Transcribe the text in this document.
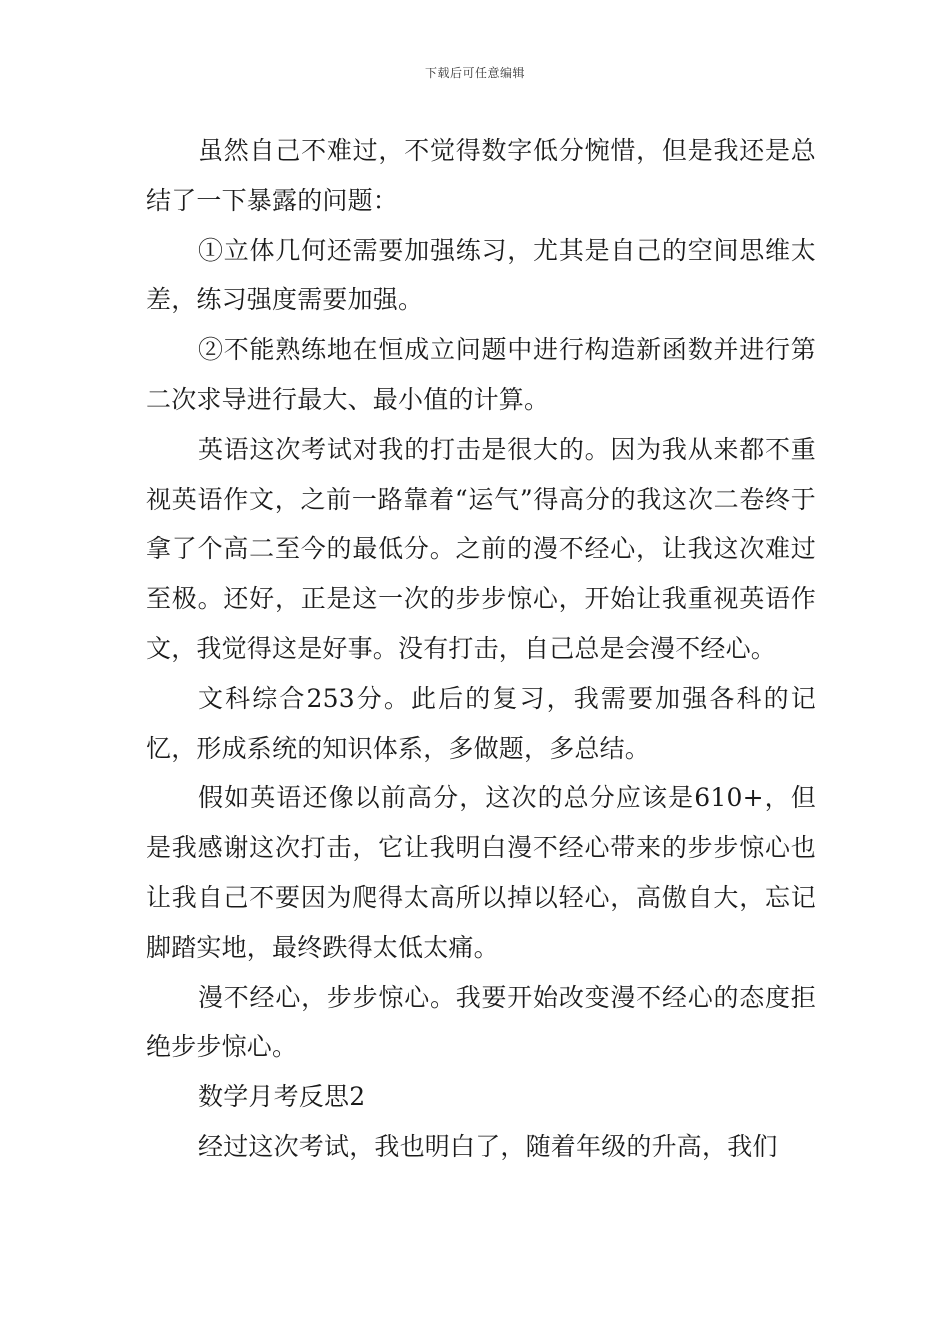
下载后可任意编辑

虽然自己不难过，不觉得数字低分惋惜，但是我还是总结了一下暴露的问题：

①立体几何还需要加强练习，尤其是自己的空间思维太差，练习强度需要加强。

②不能熟练地在恒成立问题中进行构造新函数并进行第二次求导进行最大、最小值的计算。

英语这次考试对我的打击是很大的。因为我从来都不重视英语作文，之前一路靠着“运气”得高分的我这次二卷终于拿了个高二至今的最低分。之前的漫不经心，让我这次难过至极。还好，正是这一次的步步惊心，开始让我重视英语作文，我觉得这是好事。没有打击，自己总是会漫不经心。

文科综合253分。此后的复习，我需要加强各科的记忆，形成系统的知识体系，多做题，多总结。

假如英语还像以前高分，这次的总分应该是610+，但是我感谢这次打击，它让我明白漫不经心带来的步步惊心也让我自己不要因为爬得太高所以掉以轻心，高傲自大，忘记脚踏实地，最终跌得太低太痛。

漫不经心，步步惊心。我要开始改变漫不经心的态度拒绝步步惊心。

数学月考反思2

经过这次考试，我也明白了，随着年级的升高，我们
